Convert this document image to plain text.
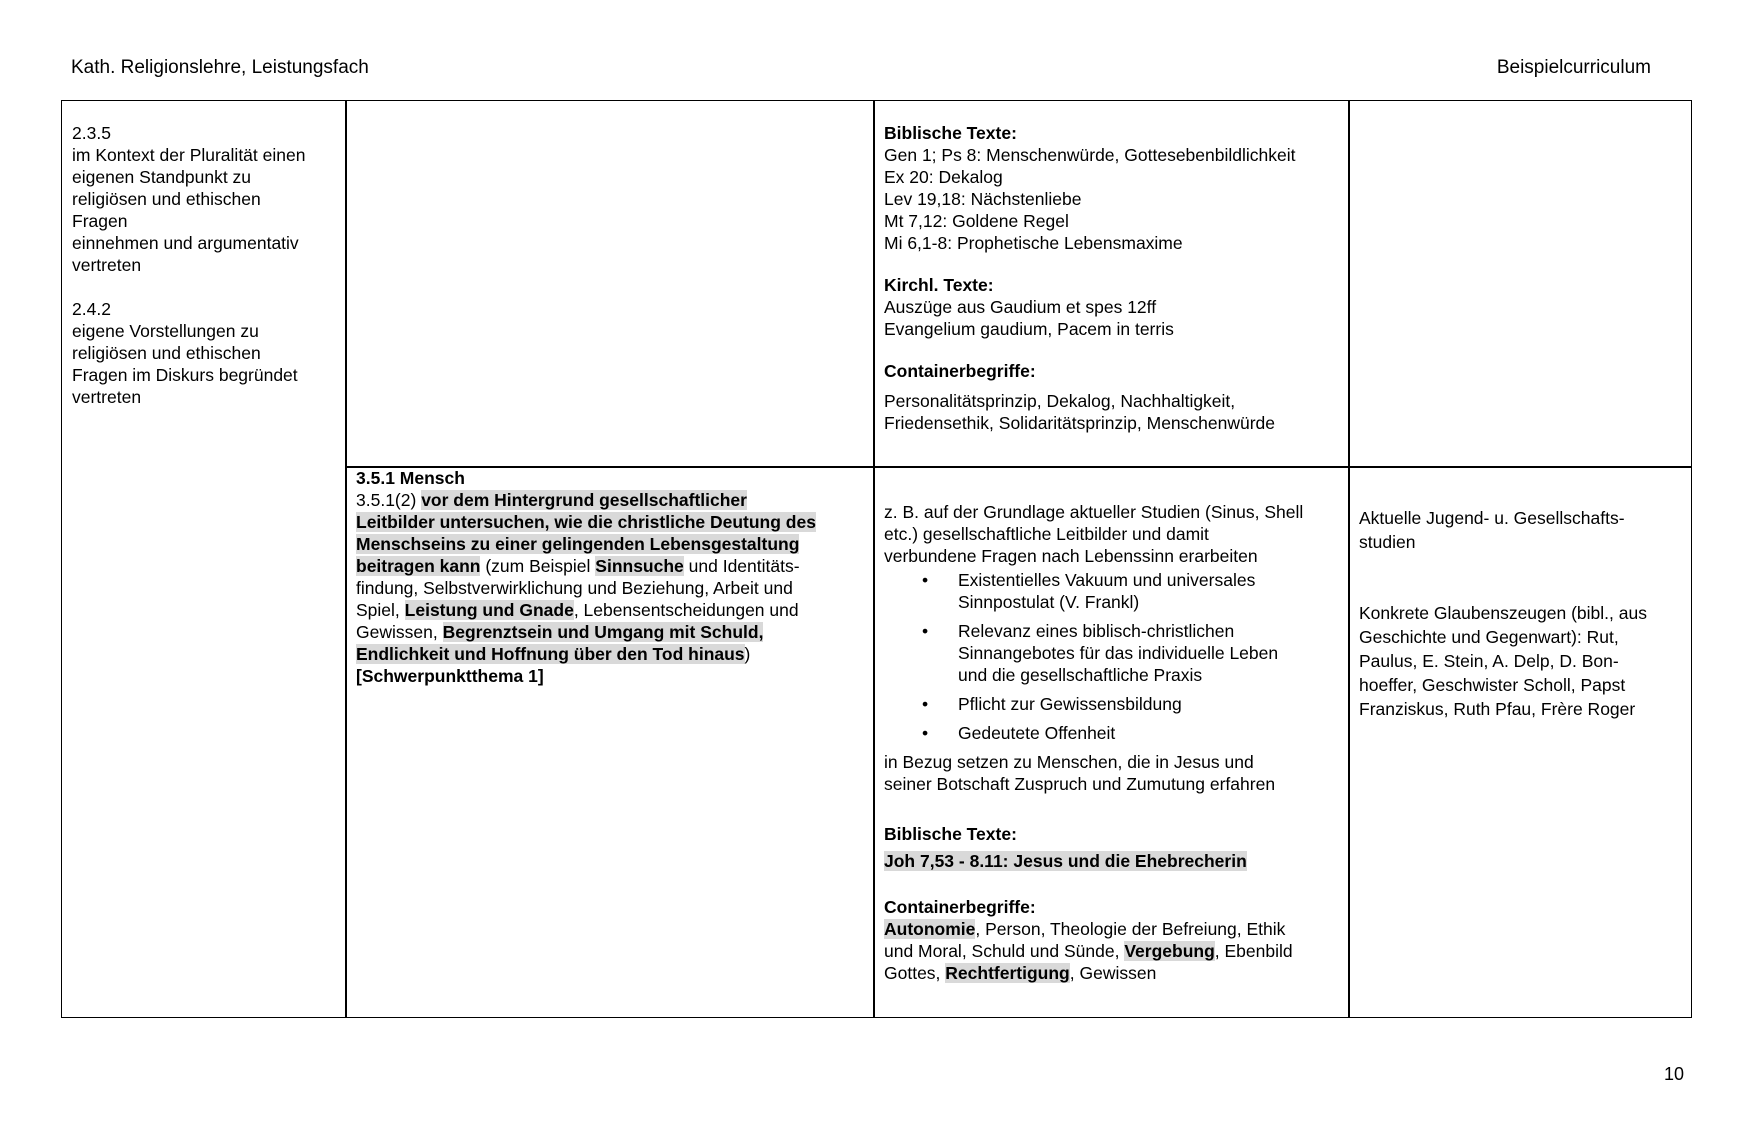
Kath. Religionslehre, Leistungsfach	Beispielcurriculum

2.3.5

im Kontext der Pluralität einen

eigenen Standpunkt zu

religiösen und ethischen

Fragen

einnehmen und argumentativ

vertreten

2.4.2

eigene Vorstellungen zu

religiösen und ethischen

Fragen im Diskurs begründet

vertreten

Biblische Texte:

Gen 1; Ps 8: Menschenwürde, Gottesebenbildlichkeit

Ex 20: Dekalog

Lev 19,18: Nächstenliebe

Mt 7,12: Goldene Regel

Mi 6,1-8: Prophetische Lebensmaxime

Kirchl. Texte:

Auszüge aus Gaudium et spes 12ff

Evangelium gaudium, Pacem in terris

Containerbegriffe:

Personalitätsprinzip, Dekalog, Nachhaltigkeit,

Friedensethik, Solidaritätsprinzip, Menschenwürde

3.5.1 Mensch

3.5.1(2) vor dem Hintergrund gesellschaftlicher

Leitbilder untersuchen, wie die christliche Deutung des

Menschseins zu einer gelingenden Lebensgestaltung

beitragen kann (zum Beispiel Sinnsuche und Identitäts-

findung, Selbstverwirklichung und Beziehung, Arbeit und

Spiel, Leistung und Gnade, Lebensentscheidungen und

Gewissen, Begrenztsein und Umgang mit Schuld,

Endlichkeit und Hoffnung über den Tod hinaus)

[Schwerpunktthema 1]

z. B. auf der Grundlage aktueller Studien (Sinus, Shell

etc.) gesellschaftliche Leitbilder und damit

verbundene Fragen nach Lebenssinn erarbeiten

• Existentielles Vakuum und universales
Sinnpostulat (V. Frankl)
• Relevanz eines biblisch-christlichen
Sinnangebotes für das individuelle Leben
und die gesellschaftliche Praxis
• Pflicht zur Gewissensbildung
• Gedeutete Offenheit

in Bezug setzen zu Menschen, die in Jesus und

seiner Botschaft Zuspruch und Zumutung erfahren

Biblische Texte:

Joh 7,53 - 8.11: Jesus und die Ehebrecherin

Containerbegriffe:

Autonomie, Person, Theologie der Befreiung, Ethik

und Moral, Schuld und Sünde, Vergebung, Ebenbild

Gottes, Rechtfertigung, Gewissen

Aktuelle Jugend- u. Gesellschafts-

studien

Konkrete Glaubenszeugen (bibl., aus

Geschichte und Gegenwart): Rut,

Paulus, E. Stein, A. Delp, D. Bon-

hoeffer, Geschwister Scholl, Papst

Franziskus, Ruth Pfau, Frère Roger

10
